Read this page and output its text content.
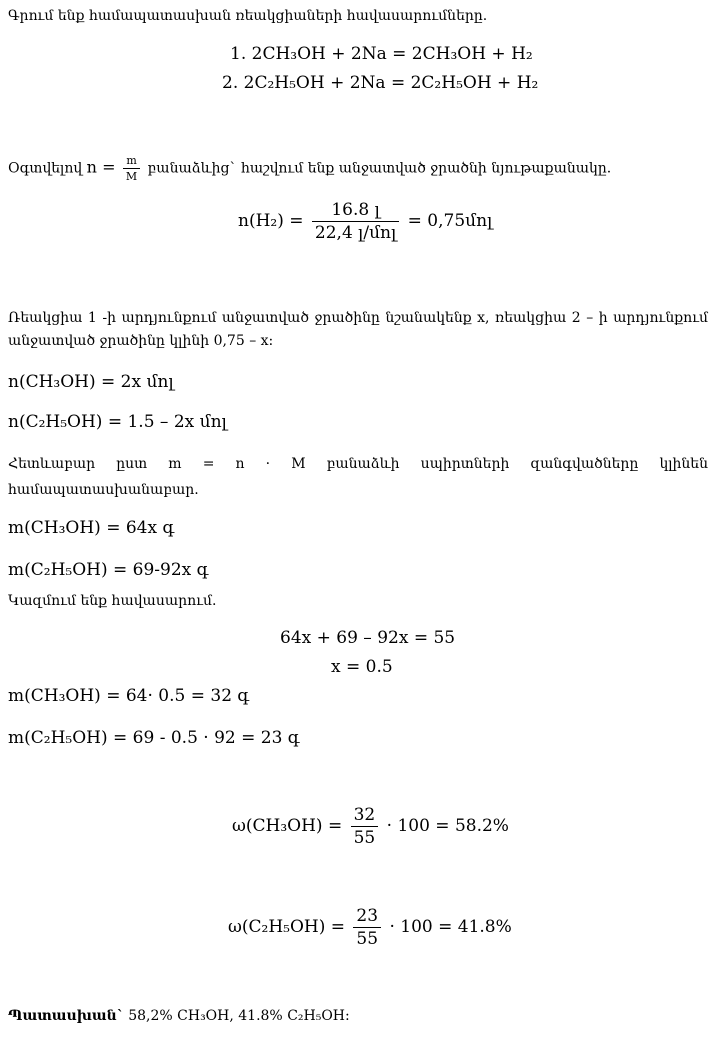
Գրում ենք համապատասխան ռեակցիաների հավասարումները.
1. 2CH₃OH + 2Na = 2CH₃OH + H₂
2. 2C₂H₅OH + 2Na = 2C₂H₅OH + H₂
Օգտվելով $n = \frac{m}{M}$ բանաձևից` հաշվում ենք անջատված ջրածնի նյութաքանակը.
$n(H_2) = \frac{\text{16.8 լ}}{\text{22,4 լ/մոլ}}$ = 0,75մոլ
Ռեակցիա 1 -ի արդյունքում անջատված ջրածինը նշանակենք x, ռեակցիա 2 – ի արդյունքում
անջատված ջրածինը կլինի 0,75 – x:
n(CH₃OH) = 2x մոլ
n(C₂H₅OH) = 1.5 – 2x մոլ
Հետևաբար ըստ m = n · M բանաձևի սպիրտների զանգվածները կլինեն
համապատասխանաբար.
m(CH₃OH) = 64x գ
m(C₂H₅OH) = 69-92x գ
Կազմում ենք հավասարում.
64x + 69 – 92x = 55
x = 0.5
m(CH₃OH) = 64· 0.5 = 32 գ
m(C₂H₅OH) = 69 - 0.5 · 92 = 23 գ
$\omega(CH_3OH) = \frac{32}{55} \cdot 100 = 58.2\%$
$\omega(C_2H_5OH) = \frac{23}{55} \cdot 100 = 41.8\%$
Պատասխան` 58,2% CH₃OH, 41.8% C₂H₅OH:
